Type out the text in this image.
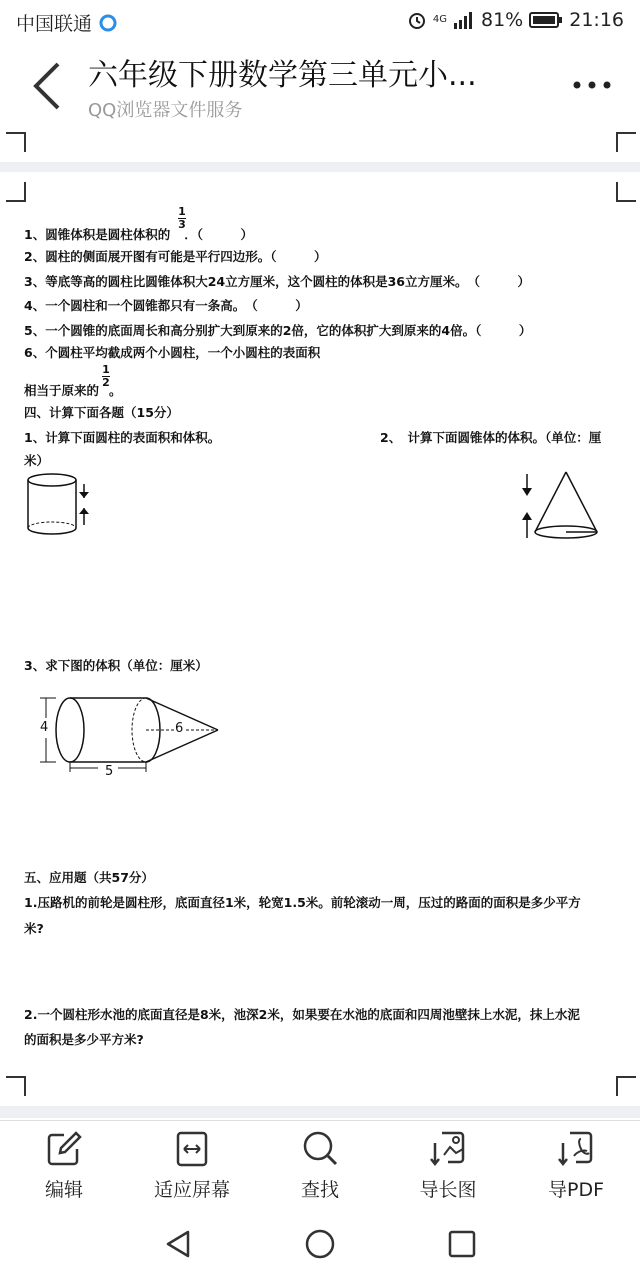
中国联通	4G 81% 21:16
六年级下册数学第三单元小...
QQ浏览器文件服务
1、圆锥体积是圆柱体积的 ．（　　　）
1
3
2、圆柱的侧面展开图有可能是平行四边形。（　　　）
3、等底等高的圆柱比圆锥体积大24立方厘米，这个圆柱的体积是36立方厘米。　（　　　）
4、一个圆柱和一个圆锥都只有一条高。　（　　　）
5、一个圆锥的底面周长和高分别扩大到原来的2倍，它的体积扩大到原来的4倍。（　　　）
6、个圆柱平均截成两个小圆柱，一个小圆柱的表面积
相当于原来的 。
1
2
四、计算下面各题（15分）
1、计算下面圆柱的表面积和体积。	2、　计算下面圆锥体的体积。（单位：厘
米）
3、求下图的体积（单位：厘米）
4
5
6
五、应用题（共57分）
1.压路机的前轮是圆柱形，底面直径1米，轮宽1.5米。前轮滚动一周，压过的路面的面积是多少平方
米?
2.一个圆柱形水池的底面直径是8米，池深2米，如果要在水池的底面和四周池壁抹上水泥，抹上水泥
的面积是多少平方米?
编辑	适应屏幕	查找	导长图	导PDF
